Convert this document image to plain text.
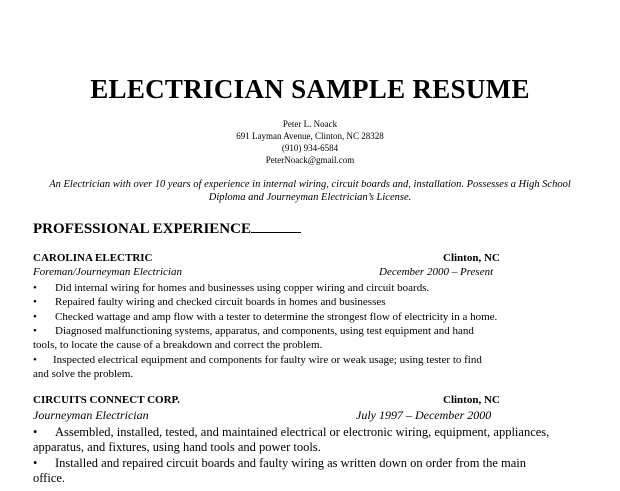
ELECTRICIAN SAMPLE RESUME
Peter L. Noack
691 Layman Avenue, Clinton, NC 28328
(910) 934-6584
PeterNoack@gmail.com
An Electrician with over 10 years of experience in internal wiring, circuit boards and, installation. Possesses a High School Diploma and Journeyman Electrician’s License.
PROFESSIONAL EXPERIENCE
CAROLINA ELECTRIC	Clinton, NC
Foreman/Journeyman Electrician	December 2000 – Present
• Did internal wiring for homes and businesses using copper wiring and circuit boards.
• Repaired faulty wiring and checked circuit boards in homes and businesses
• Checked wattage and amp flow with a tester to determine the strongest flow of electricity in a home.
• Diagnosed malfunctioning systems, apparatus, and components, using test equipment and hand
tools, to locate the cause of a breakdown and correct the problem.
• Inspected electrical equipment and components for faulty wire or weak usage; using tester to find
and solve the problem.
CIRCUITS CONNECT CORP.	Clinton, NC
Journeyman Electrician	July 1997 – December 2000
• Assembled, installed, tested, and maintained electrical or electronic wiring, equipment, appliances,
apparatus, and fixtures, using hand tools and power tools.
• Installed and repaired circuit boards and faulty wiring as written down on order from the main
office.
